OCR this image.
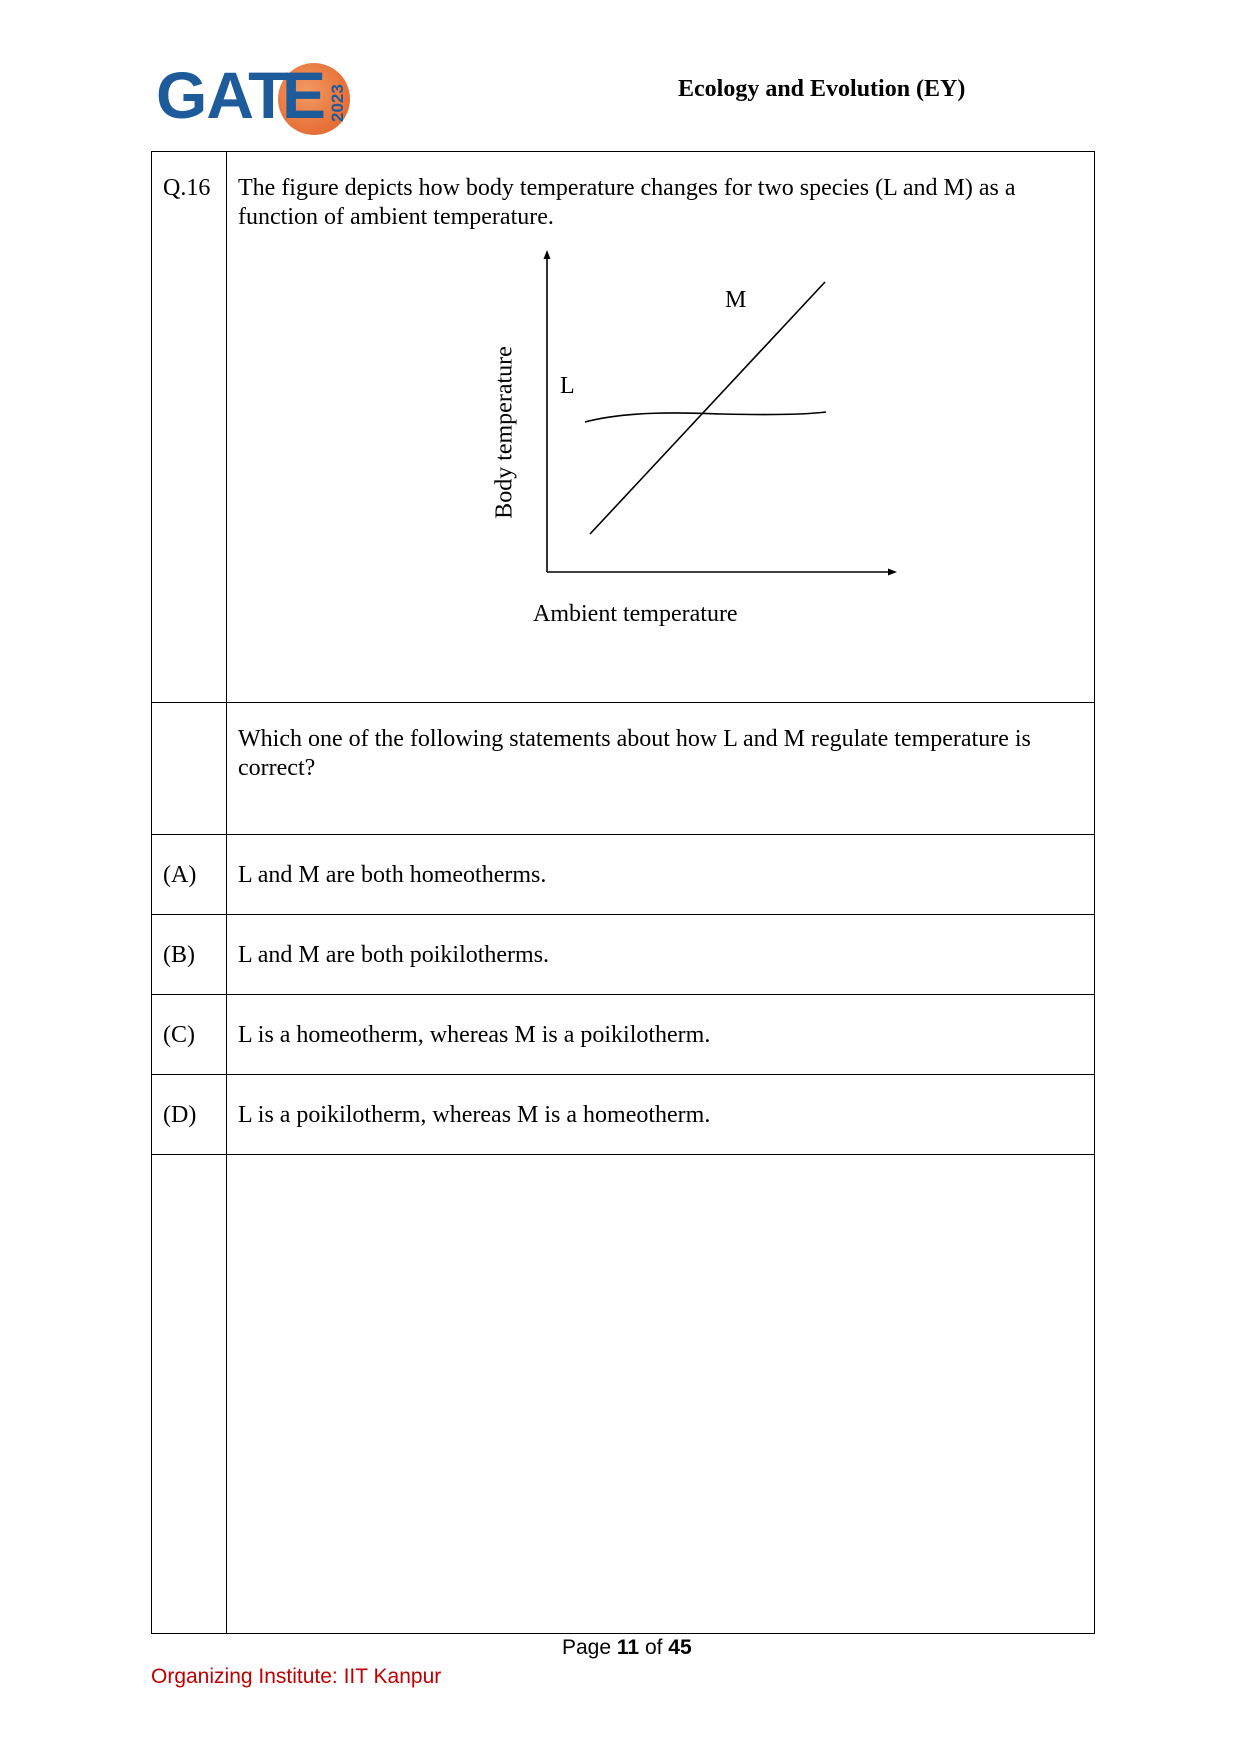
GAT
E 2023	Ecology and Evolution (EY)
Q.16	The figure depicts how body temperature changes for two species (L and M) as a function of ambient temperature.
Body temperature
Ambient temperature
M
L

	Which one of the following statements about how L and M regulate temperature is correct?
(A)	L and M are both homeotherms.
(B)	L and M are both poikilotherms.
(C)	L is a homeotherm, whereas M is a poikilotherm.
(D)	L is a poikilotherm, whereas M is a homeotherm.

Page 11 of 45
Organizing Institute: IIT Kanpur
